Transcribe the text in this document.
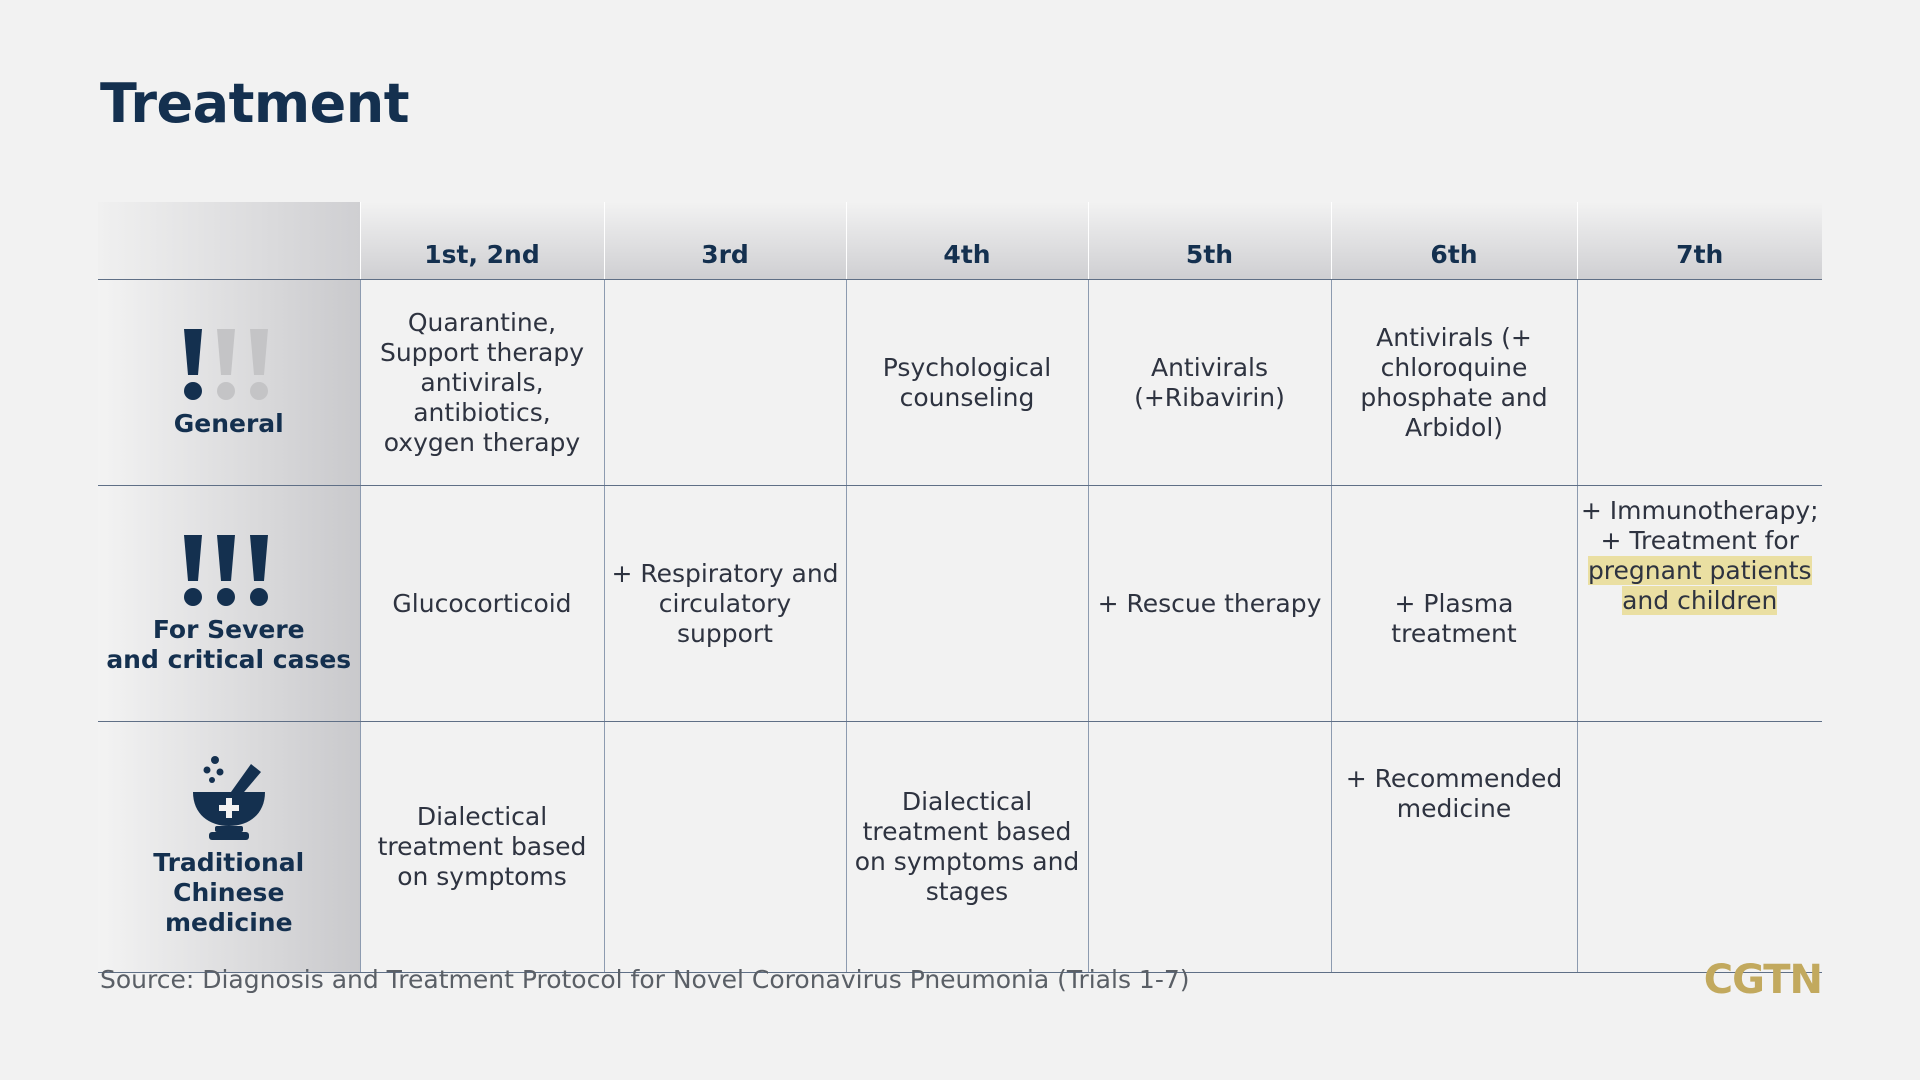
Treatment
	1st, 2nd	3rd	4th	5th	6th	7th

General	Quarantine,
Support therapy
antivirals,
antibiotics,
oxygen therapy		Psychological
counseling	Antivirals
(+Ribavirin)	Antivirals (+
chloroquine
phosphate and
Arbidol)	

For Severe
and critical cases	Glucocorticoid	+ Respiratory and
circulatory
support		+ Rescue therapy	+ Plasma
treatment	+ Immunotherapy;
+ Treatment for
pregnant patients
and children

Traditional
Chinese
medicine	Dialectical
treatment based
on symptoms		Dialectical
treatment based
on symptoms and
stages		+ Recommended
medicine	
Source: Diagnosis and Treatment Protocol for Novel Coronavirus Pneumonia (Trials 1-7)	CGTN
